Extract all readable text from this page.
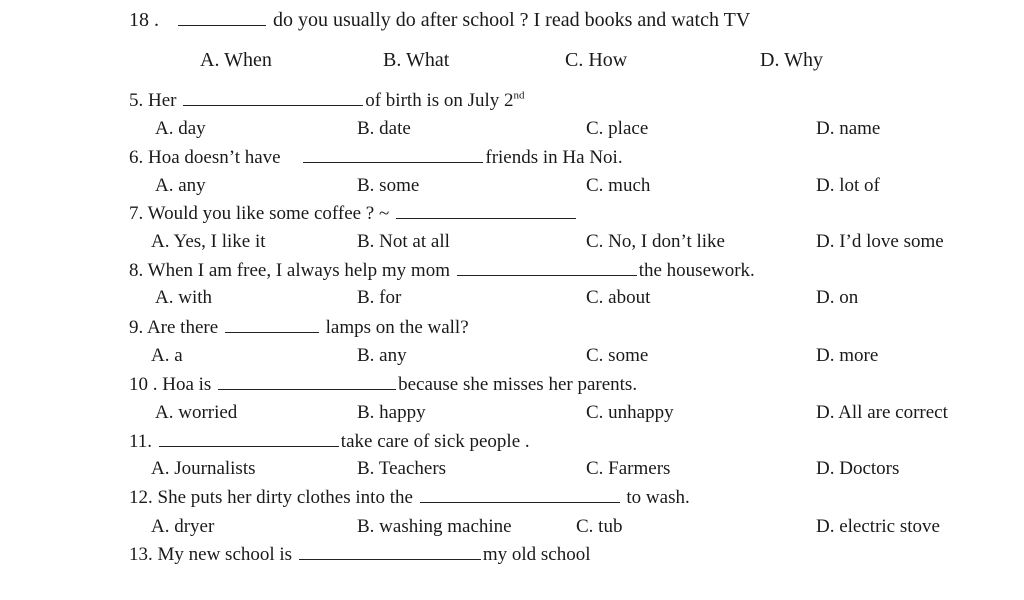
18 .	do you usually do after school ? I read books and watch TV
A. When	B. What	C. How	D. Why
5. Her	of birth is on July 2nd
A. day	B. date	C. place	D. name
6. Hoa doesn’t have	friends in Ha Noi.
A. any	B. some	C. much	D. lot of
7. Would you like some coffee ? ~
A. Yes, I like it	B. Not at all	C. No, I don’t like	D. I’d love some
8. When I am free, I always help my mom	the housework.
A. with	B. for	C. about	D. on
9. Are there	lamps on the wall?
A. a	B. any	C. some	D. more
10 . Hoa is	because she misses her parents.
A. worried	B. happy	C. unhappy	D. All are correct
11.	take care of sick people .
A. Journalists	B. Teachers	C. Farmers	D. Doctors
12. She puts her dirty clothes into the	to wash.
A. dryer	B. washing machine	C. tub	D. electric stove
13. My new school is	my old school
